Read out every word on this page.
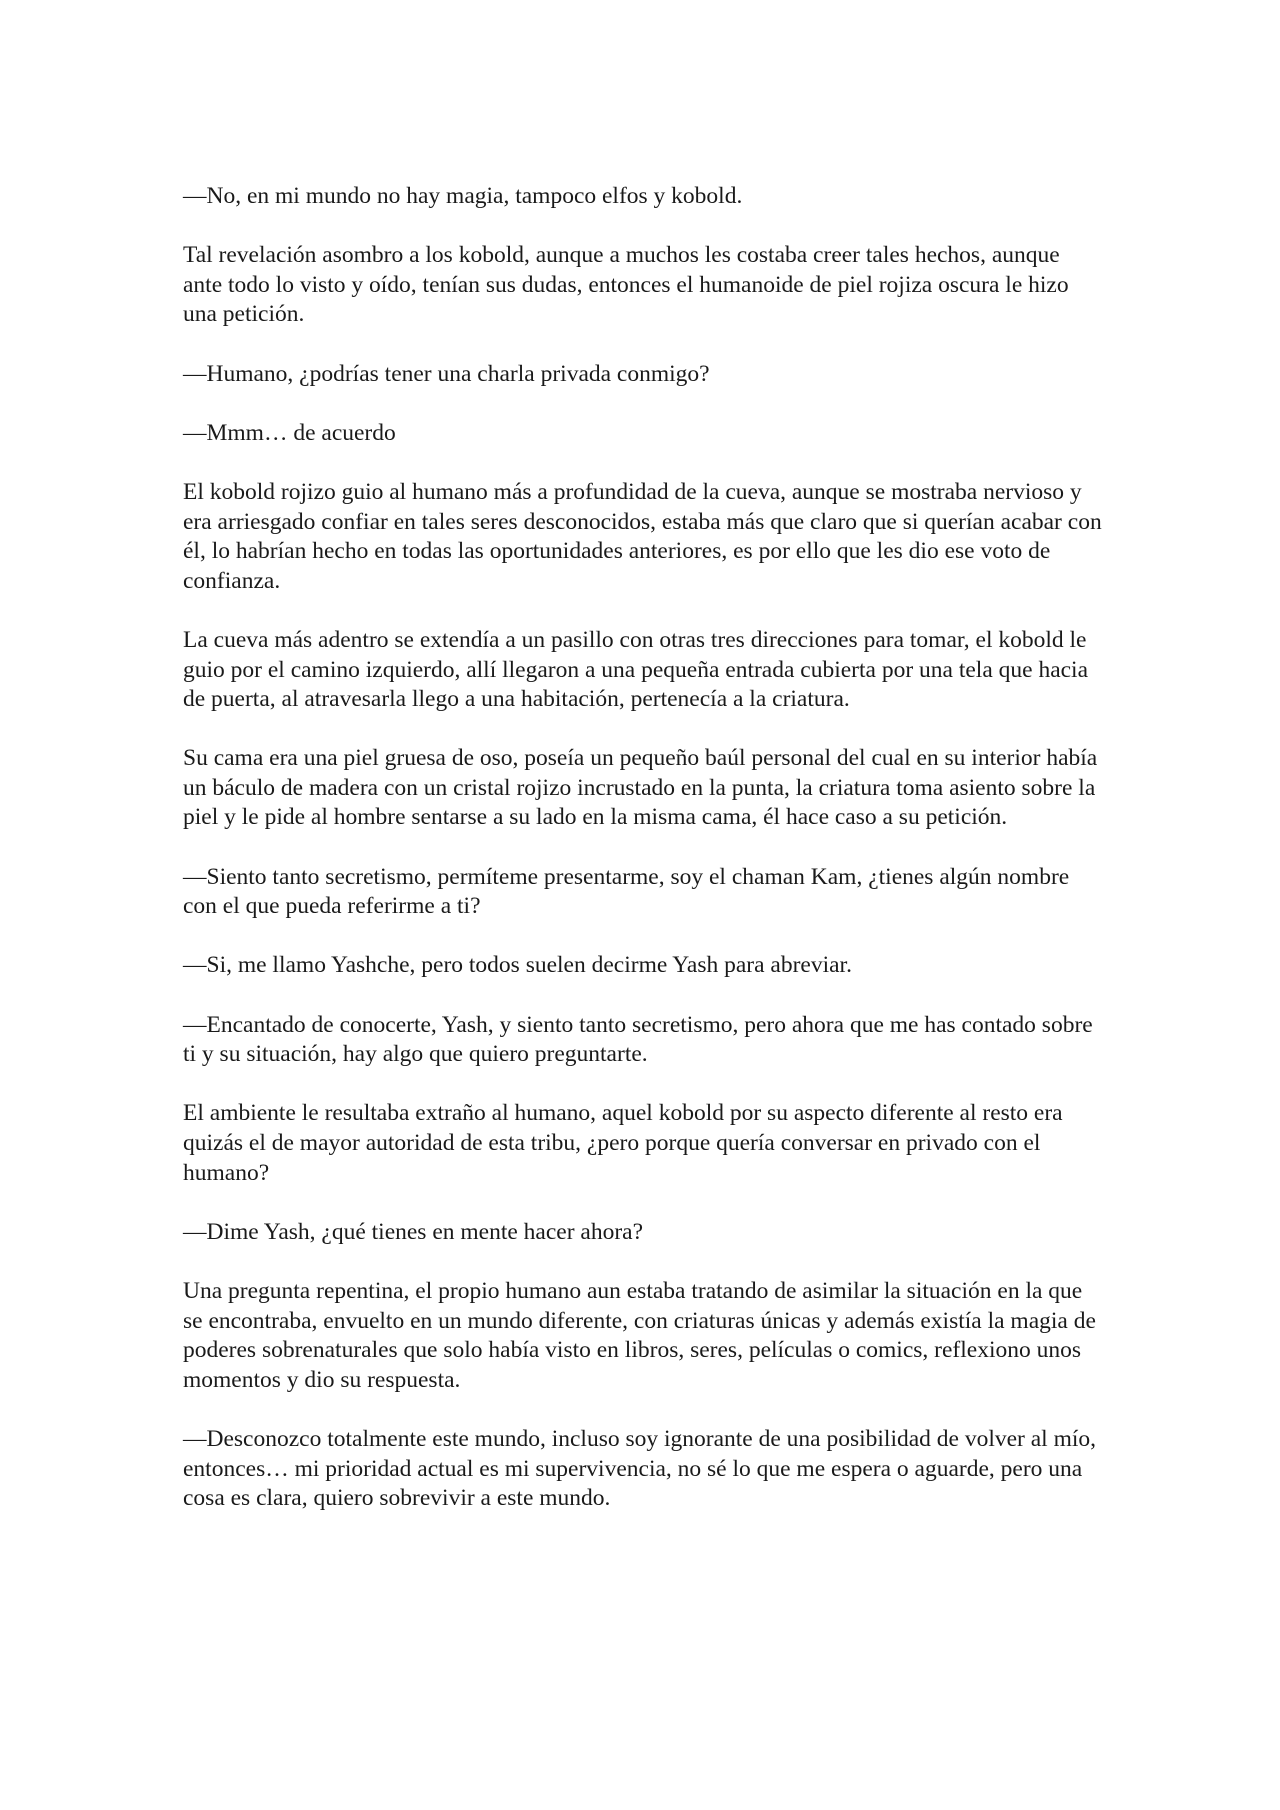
—No, en mi mundo no hay magia, tampoco elfos y kobold.

Tal revelación asombro a los kobold, aunque a muchos les costaba creer tales hechos, aunque ante todo lo visto y oído, tenían sus dudas, entonces el humanoide de piel rojiza oscura le hizo una petición.

—Humano, ¿podrías tener una charla privada conmigo?

—Mmm… de acuerdo

El kobold rojizo guio al humano más a profundidad de la cueva, aunque se mostraba nervioso y era arriesgado confiar en tales seres desconocidos, estaba más que claro que si querían acabar con él, lo habrían hecho en todas las oportunidades anteriores, es por ello que les dio ese voto de confianza.

La cueva más adentro se extendía a un pasillo con otras tres direcciones para tomar, el kobold le guio por el camino izquierdo, allí llegaron a una pequeña entrada cubierta por una tela que hacia de puerta, al atravesarla llego a una habitación, pertenecía a la criatura.

Su cama era una piel gruesa de oso, poseía un pequeño baúl personal del cual en su interior había un báculo de madera con un cristal rojizo incrustado en la punta, la criatura toma asiento sobre la piel y le pide al hombre sentarse a su lado en la misma cama, él hace caso a su petición.

—Siento tanto secretismo, permíteme presentarme, soy el chaman Kam, ¿tienes algún nombre con el que pueda referirme a ti?

—Si, me llamo Yashche, pero todos suelen decirme Yash para abreviar.

—Encantado de conocerte, Yash, y siento tanto secretismo, pero ahora que me has contado sobre ti y su situación, hay algo que quiero preguntarte.

El ambiente le resultaba extraño al humano, aquel kobold por su aspecto diferente al resto era quizás el de mayor autoridad de esta tribu, ¿pero porque quería conversar en privado con el humano?

—Dime Yash, ¿qué tienes en mente hacer ahora?

Una pregunta repentina, el propio humano aun estaba tratando de asimilar la situación en la que se encontraba, envuelto en un mundo diferente, con criaturas únicas y además existía la magia de poderes sobrenaturales que solo había visto en libros, seres, películas o comics, reflexiono unos momentos y dio su respuesta.

—Desconozco totalmente este mundo, incluso soy ignorante de una posibilidad de volver al mío, entonces… mi prioridad actual es mi supervivencia, no sé lo que me espera o aguarde, pero una cosa es clara, quiero sobrevivir a este mundo.
